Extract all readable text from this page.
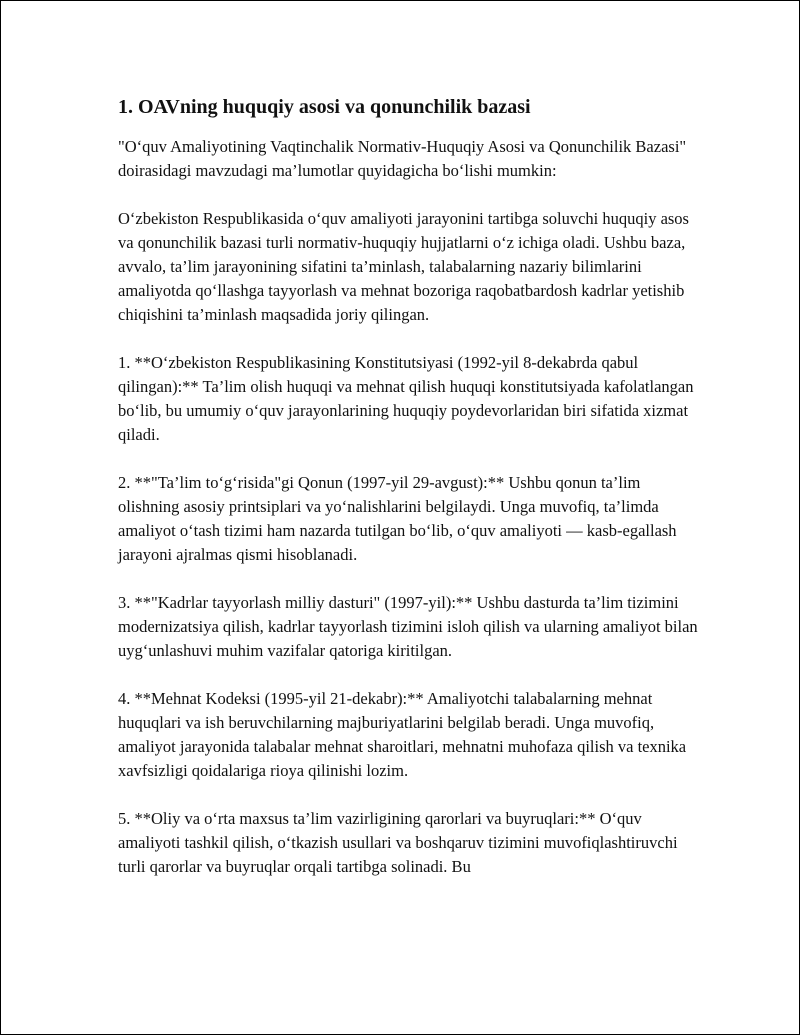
1. OAVning huquqiy asosi va qonunchilik bazasi

"O‘quv Amaliyotining Vaqtinchalik Normativ-Huquqiy Asosi va Qonunchilik Bazasi" doirasidagi mavzudagi ma’lumotlar quyidagicha bo‘lishi mumkin:

O‘zbekiston Respublikasida o‘quv amaliyoti jarayonini tartibga soluvchi huquqiy asos va qonunchilik bazasi turli normativ-huquqiy hujjatlarni o‘z ichiga oladi. Ushbu baza, avvalo, ta’lim jarayonining sifatini ta’minlash, talabalarning nazariy bilimlarini amaliyotda qo‘llashga tayyorlash va mehnat bozoriga raqobatbardosh kadrlar yetishib chiqishini ta’minlash maqsadida joriy qilingan.

1. **O‘zbekiston Respublikasining Konstitutsiyasi (1992-yil 8-dekabrda qabul qilingan):** Ta’lim olish huquqi va mehnat qilish huquqi konstitutsiyada kafolatlangan bo‘lib, bu umumiy o‘quv jarayonlarining huquqiy poydevorlaridan biri sifatida xizmat qiladi.

2. **"Ta’lim to‘g‘risida"gi Qonun (1997-yil 29-avgust):** Ushbu qonun ta’lim olishning asosiy printsiplari va yo‘nalishlarini belgilaydi. Unga muvofiq, ta’limda amaliyot o‘tash tizimi ham nazarda tutilgan bo‘lib, o‘quv amaliyoti — kasb-egallash jarayoni ajralmas qismi hisoblanadi.

3. **"Kadrlar tayyorlash milliy dasturi" (1997-yil):** Ushbu dasturda ta’lim tizimini modernizatsiya qilish, kadrlar tayyorlash tizimini isloh qilish va ularning amaliyot bilan uyg‘unlashuvi muhim vazifalar qatoriga kiritilgan.

4. **Mehnat Kodeksi (1995-yil 21-dekabr):** Amaliyotchi talabalarning mehnat huquqlari va ish beruvchilarning majburiyatlarini belgilab beradi. Unga muvofiq, amaliyot jarayonida talabalar mehnat sharoitlari, mehnatni muhofaza qilish va texnika xavfsizligi qoidalariga rioya qilinishi lozim.

5. **Oliy va o‘rta maxsus ta’lim vazirligining qarorlari va buyruqlari:** O‘quv amaliyoti tashkil qilish, o‘tkazish usullari va boshqaruv tizimini muvofiqlashtiruvchi turli qarorlar va buyruqlar orqali tartibga solinadi. Bu
